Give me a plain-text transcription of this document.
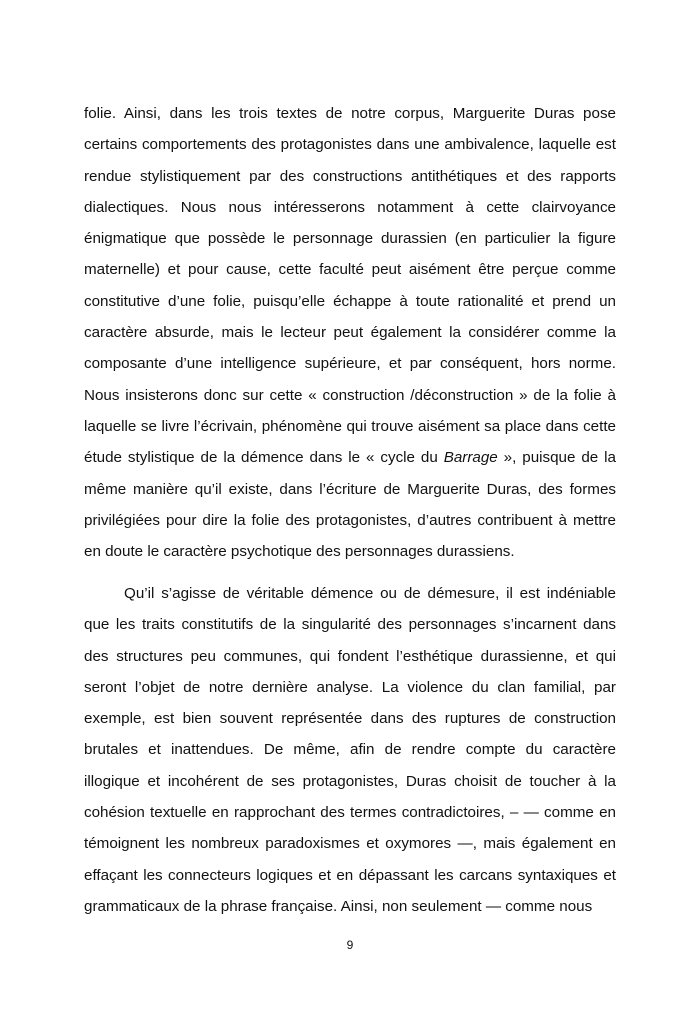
folie. Ainsi, dans les trois textes de notre corpus, Marguerite Duras pose certains comportements des protagonistes dans une ambivalence, laquelle est rendue stylistiquement par des constructions antithétiques et des rapports dialectiques. Nous nous intéresserons notamment à cette clairvoyance énigmatique que possède le personnage durassien (en particulier la figure maternelle) et pour cause, cette faculté peut aisément être perçue comme constitutive d’une folie, puisqu’elle échappe à toute rationalité et prend un caractère absurde, mais le lecteur peut également la considérer comme la composante d’une intelligence supérieure, et par conséquent, hors norme. Nous insisterons donc sur cette « construction /déconstruction » de la folie à laquelle se livre l’écrivain, phénomène qui trouve aisément sa place dans cette étude stylistique de la démence dans le « cycle du Barrage », puisque de la même manière qu’il existe, dans l’écriture de Marguerite Duras, des formes privilégiées pour dire la folie des protagonistes, d’autres contribuent à mettre en doute le caractère psychotique des personnages durassiens.

Qu’il s’agisse de véritable démence ou de démesure, il est indéniable que les traits constitutifs de la singularité des personnages s’incarnent dans des structures peu communes, qui fondent l’esthétique durassienne, et qui seront l’objet de notre dernière analyse. La violence du clan familial, par exemple, est bien souvent représentée dans des ruptures de construction brutales et inattendues. De même, afin de rendre compte du caractère illogique et incohérent de ses protagonistes, Duras choisit de toucher à la cohésion textuelle en rapprochant des termes contradictoires, – — comme en témoignent les nombreux paradoxismes et oxymores —, mais également en effaçant les connecteurs logiques et en dépassant les carcans syntaxiques et grammaticaux de la phrase française. Ainsi, non seulement — comme nous

9
